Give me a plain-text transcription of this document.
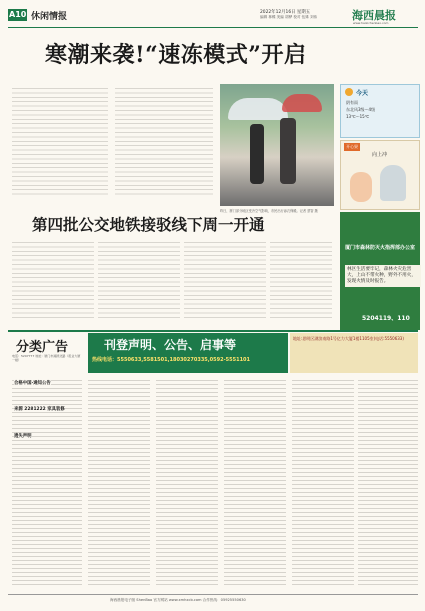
A10 休闲情报	2022年12月16日 星期五
编辑 林蝶 美编 胡桦 校对 伍姝 刘伟	海西晨报
www.haixichenbao.com
寒潮来袭!“速冻模式”开启
昨日，厦门部分地区受冷空气影响，市民出行添衣保暖。记者 蔡智 摄
今天
阴有雨
东北风3级～4级
13℃～15℃
开心果
向上冲
第四批公交地铁接驳线下周一开通
厦门市森林防灭火指挥部办公室
林区生活要牢记，森林火灾危害大，上山不带火种，野外不用火，发现火情及时报告。
5204119、110
分类广告
电话：5207777 地址：厦门市湖滨北路（报业大厦一楼）
刊登声明、公告、启事等
热线电话：5550633,5581501,18030270335,0592-5551101
地址:思明区湖滨南路1号亿力大厦1楼1105室(电话:5550633)
合格中国·通知公告
遗失声明
来源 2281222 家具装修
海西晨报电子版 ShenBao 官方网站 www.xmhxcb.com 合作热线：05925550630
